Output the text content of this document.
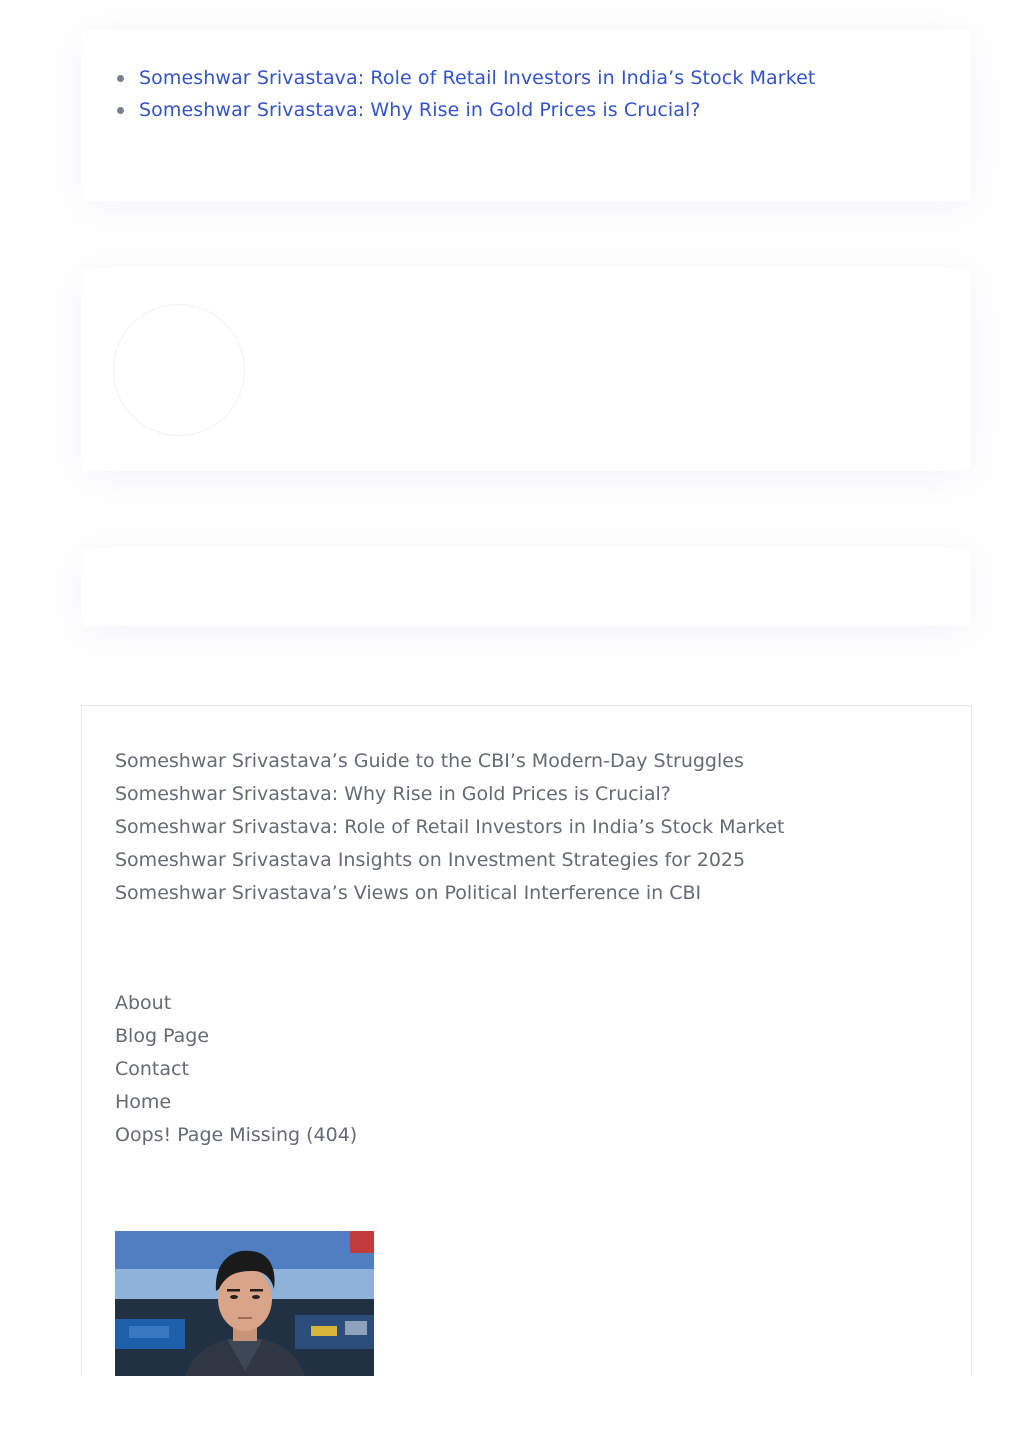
Someshwar Srivastava: Role of Retail Investors in India’s Stock Market
Someshwar Srivastava: Why Rise in Gold Prices is Crucial?
Someshwar Srivastava’s Guide to the CBI’s Modern-Day Struggles
Someshwar Srivastava: Why Rise in Gold Prices is Crucial?
Someshwar Srivastava: Role of Retail Investors in India’s Stock Market
Someshwar Srivastava Insights on Investment Strategies for 2025
Someshwar Srivastava’s Views on Political Interference in CBI
About
Blog Page
Contact
Home
Oops! Page Missing (404)
